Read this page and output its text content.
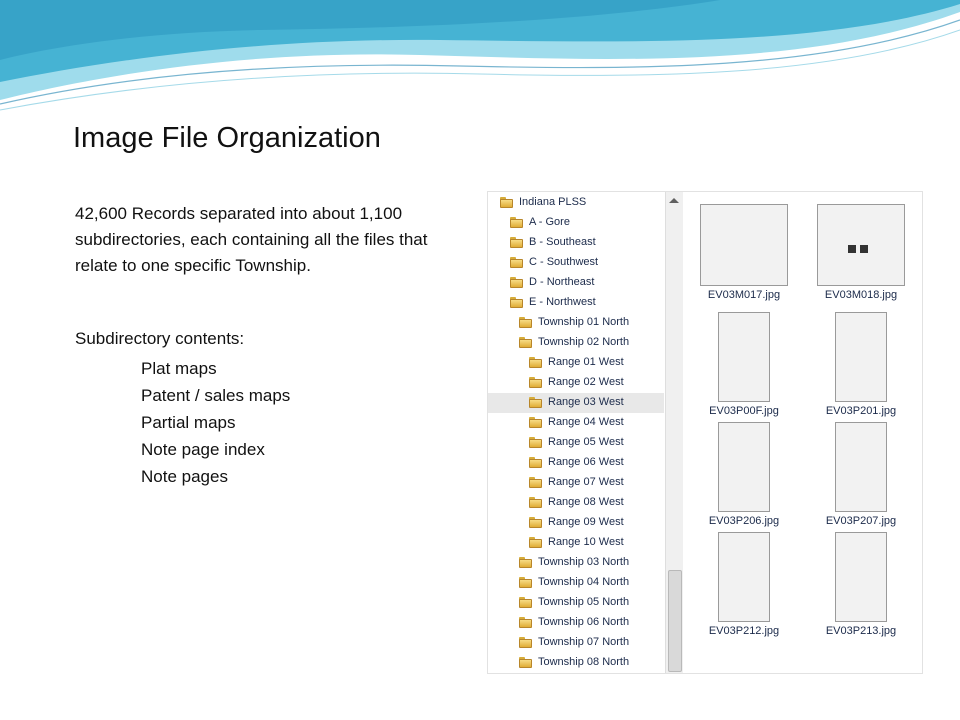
Image File Organization

42,600 Records separated into about 1,100 subdirectories, each containing all the files that relate to one specific Township.

Subdirectory contents:
Plat maps
Patent / sales maps
Partial maps
Note page index
Note pages
Indiana PLSS
A - Gore
B - Southeast
C - Southwest
D - Northeast
E - Northwest
Township 01 North
Township 02 North
Range 01 West
Range 02 West
Range 03 West
Range 04 West
Range 05 West
Range 06 West
Range 07 West
Range 08 West
Range 09 West
Range 10 West
Township 03 North
Township 04 North
Township 05 North
Township 06 North
Township 07 North
Township 08 North
EV03M017.jpg	EV03M018.jpg
EV03P00F.jpg	EV03P201.jpg
EV03P206.jpg	EV03P207.jpg
EV03P212.jpg	EV03P213.jpg
